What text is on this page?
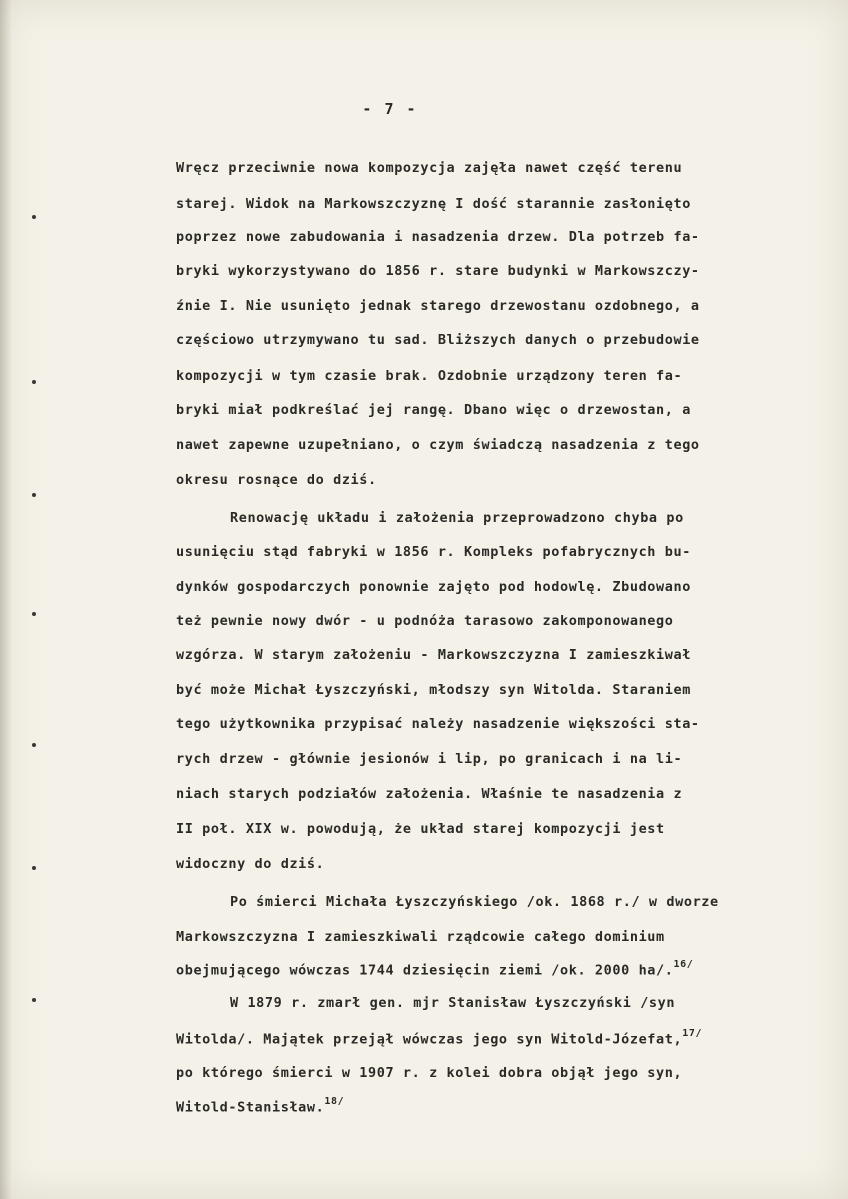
- 7 -
Wręcz przeciwnie nowa kompozycja zajęła nawet część terenu
starej. Widok na Markowszczyznę I dość starannie zasłonięto
poprzez nowe zabudowania i nasadzenia drzew. Dla potrzeb fa-
bryki wykorzystywano do 1856 r. stare budynki w Markowszczy-
źnie I. Nie usunięto jednak starego drzewostanu ozdobnego, a
częściowo utrzymywano tu sad. Bliższych danych o przebudowie
kompozycji w tym czasie brak. Ozdobnie urządzony teren fa-
bryki miał podkreślać jej rangę. Dbano więc o drzewostan, a
nawet zapewne uzupełniano, o czym świadczą nasadzenia z tego
okresu rosnące do dziś.
Renowację układu i założenia przeprowadzono chyba po
usunięciu stąd fabryki w 1856 r. Kompleks pofabrycznych bu-
dynków gospodarczych ponownie zajęto pod hodowlę. Zbudowano
też pewnie nowy dwór - u podnóża tarasowo zakomponowanego
wzgórza. W starym założeniu - Markowszczyzna I zamieszkiwał
być może Michał Łyszczyński, młodszy syn Witolda. Staraniem
tego użytkownika przypisać należy nasadzenie większości sta-
rych drzew - głównie jesionów i lip, po granicach i na li-
niach starych podziałów założenia. Właśnie te nasadzenia z
II poł. XIX w. powodują, że układ starej kompozycji jest
widoczny do dziś.
Po śmierci Michała Łyszczyńskiego /ok. 1868 r./ w dworze
Markowszczyzna I zamieszkiwali rządcowie całego dominium
obejmującego wówczas 1744 dziesięcin ziemi /ok. 2000 ha/.$^{16/}$
W 1879 r. zmarł gen. mjr Stanisław Łyszczyński /syn
Witolda/. Majątek przejął wówczas jego syn Witold-Józefat,$^{17/}$
po którego śmierci w 1907 r. z kolei dobra objął jego syn,
Witold-Stanisław.$^{18/}$
